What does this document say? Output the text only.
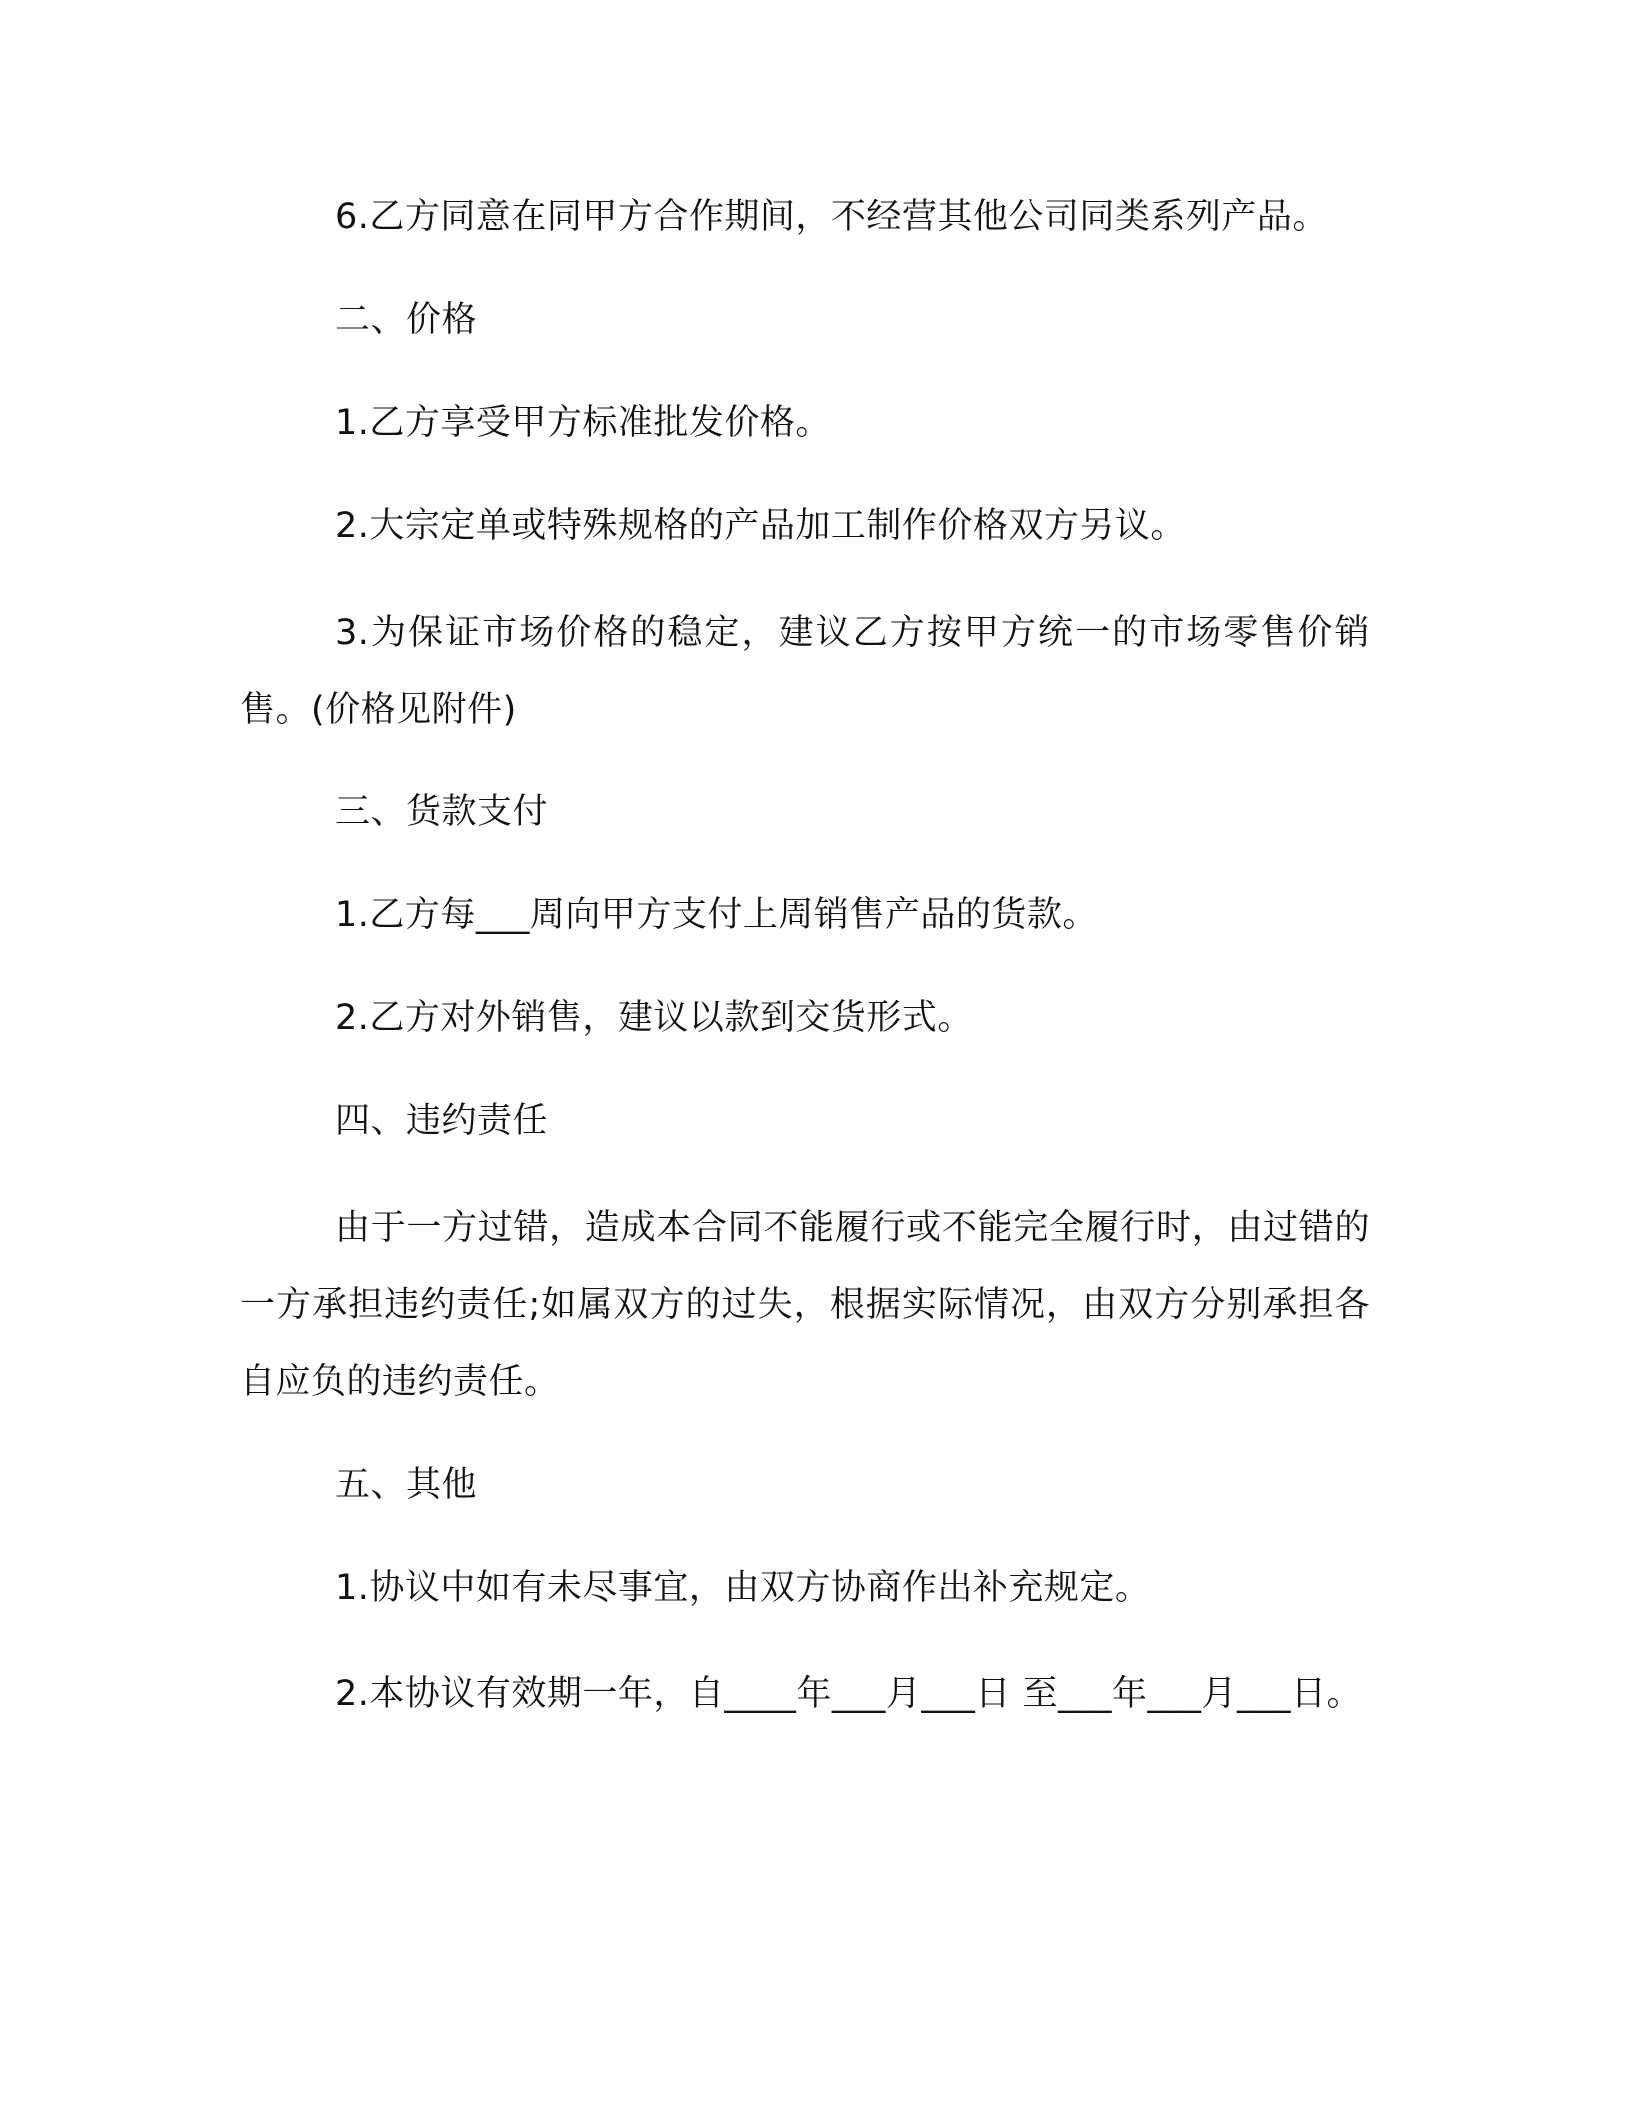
6.乙方同意在同甲方合作期间，不经营其他公司同类系列产品。

二、价格

1.乙方享受甲方标准批发价格。

2.大宗定单或特殊规格的产品加工制作价格双方另议。

3.为保证市场价格的稳定，建议乙方按甲方统一的市场零售价销售。(价格见附件)

三、货款支付

1.乙方每___周向甲方支付上周销售产品的货款。

2.乙方对外销售，建议以款到交货形式。

四、违约责任

由于一方过错，造成本合同不能履行或不能完全履行时，由过错的一方承担违约责任;如属双方的过失，根据实际情况，由双方分别承担各自应负的违约责任。

五、其他

1.协议中如有未尽事宜，由双方协商作出补充规定。

2.本协议有效期一年，自____年___月___日 至___年___月___日。
